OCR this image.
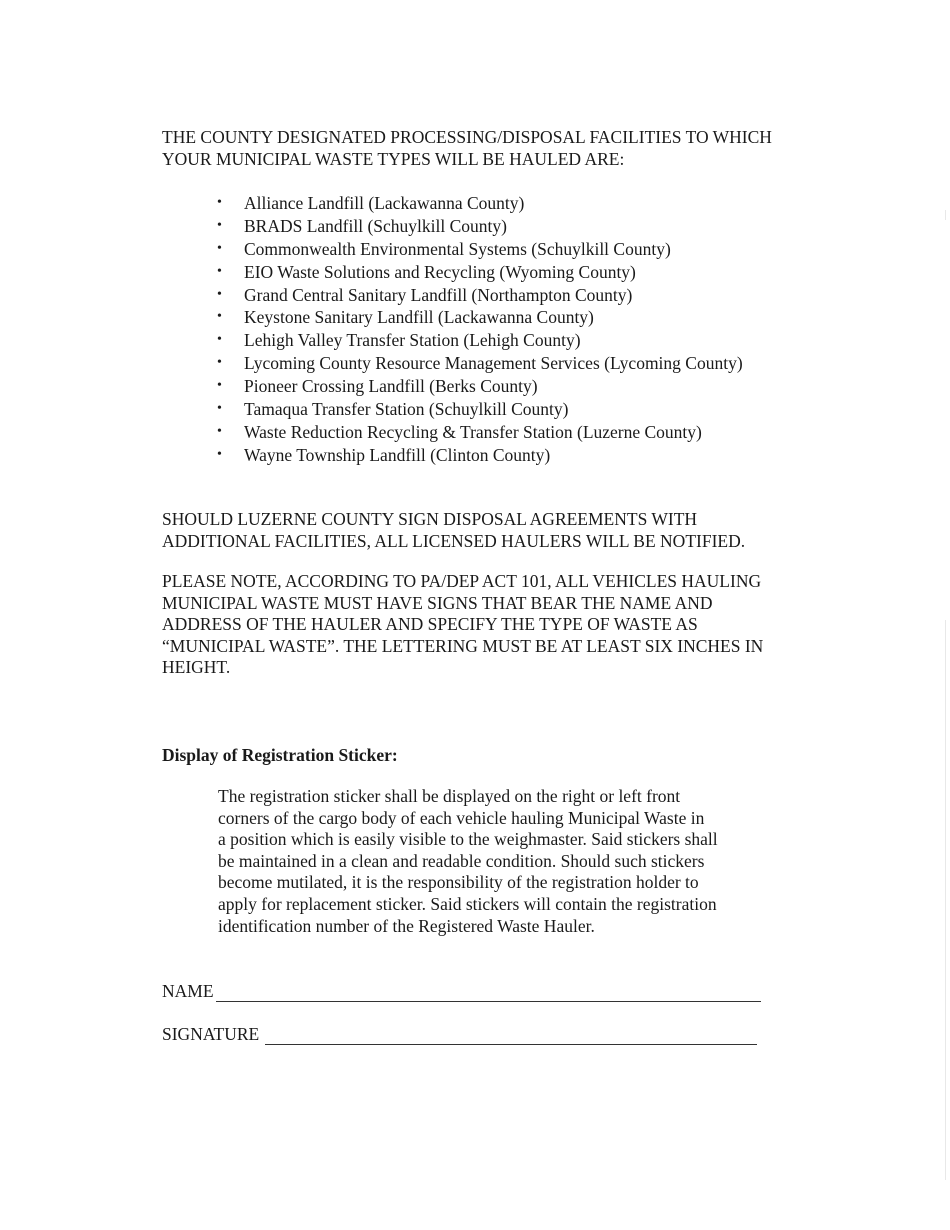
THE COUNTY DESIGNATED PROCESSING/DISPOSAL FACILITIES TO WHICH
YOUR MUNICIPAL WASTE TYPES WILL BE HAULED ARE:
• Alliance Landfill (Lackawanna County)
• BRADS Landfill (Schuylkill County)
• Commonwealth Environmental Systems (Schuylkill County)
• EIO Waste Solutions and Recycling (Wyoming County)
• Grand Central Sanitary Landfill (Northampton County)
• Keystone Sanitary Landfill (Lackawanna County)
• Lehigh Valley Transfer Station (Lehigh County)
• Lycoming County Resource Management Services (Lycoming County)
• Pioneer Crossing Landfill (Berks County)
• Tamaqua Transfer Station (Schuylkill County)
• Waste Reduction Recycling & Transfer Station (Luzerne County)
• Wayne Township Landfill (Clinton County)
SHOULD LUZERNE COUNTY SIGN DISPOSAL AGREEMENTS WITH
ADDITIONAL FACILITIES, ALL LICENSED HAULERS WILL BE NOTIFIED.
PLEASE NOTE, ACCORDING TO PA/DEP ACT 101, ALL VEHICLES HAULING
MUNICIPAL WASTE MUST HAVE SIGNS THAT BEAR THE NAME AND
ADDRESS OF THE HAULER AND SPECIFY THE TYPE OF WASTE AS
“MUNICIPAL WASTE”. THE LETTERING MUST BE AT LEAST SIX INCHES IN
HEIGHT.
Display of Registration Sticker:
The registration sticker shall be displayed on the right or left front
corners of the cargo body of each vehicle hauling Municipal Waste in
a position which is easily visible to the weighmaster. Said stickers shall
be maintained in a clean and readable condition. Should such stickers
become mutilated, it is the responsibility of the registration holder to
apply for replacement sticker. Said stickers will contain the registration
identification number of the Registered Waste Hauler.
NAME
SIGNATURE
